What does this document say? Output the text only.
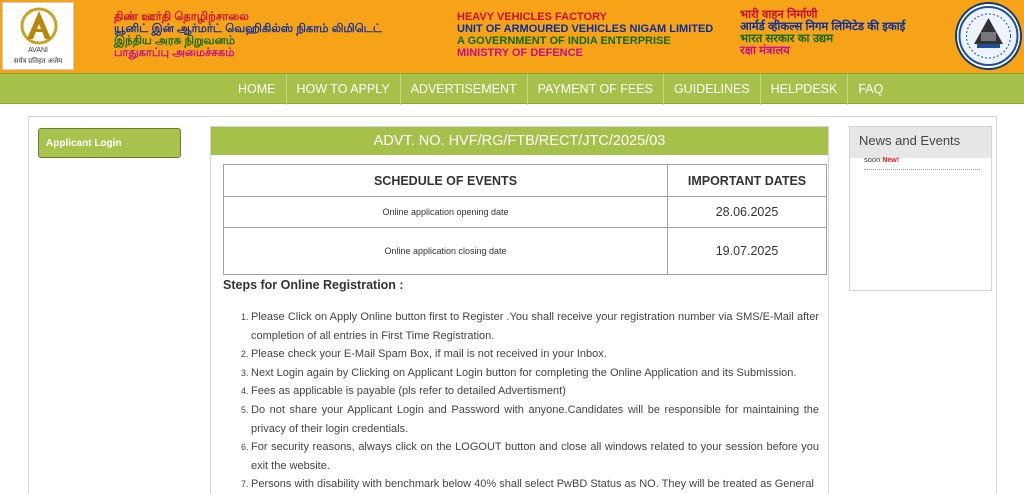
AVANI
सर्वत्र प्रतिहत अजेय
திண் ஊர்தி தொழிற்சாலை
யூனிட் இன் ஆர்மர்ட் வெஹிகில்ஸ் நிகாம் லிமிடெட்
இந்திய அரசு நிறுவனம்
பாதுகாப்பு அமைச்சகம்
HEAVY VEHICLES FACTORY
UNIT OF ARMOURED VEHICLES NIGAM LIMITED
A GOVERNMENT OF INDIA ENTERPRISE
MINISTRY OF DEFENCE
भारी वाहन निर्माणी
आर्मर्ड व्हीकल्स निगम लिमिटेड की इकाई
भारत सरकार का उद्यम
रक्षा मंत्रालय
HOME	HOW TO APPLY	ADVERTISEMENT	PAYMENT OF FEES	GUIDELINES	HELPDESK	FAQ
Applicant Login	ADVT. NO. HVF/RG/FTB/RECT/JTC/2025/03
SCHEDULE OF EVENTS	IMPORTANT DATES
Online application opening date	28.06.2025
Online application closing date	19.07.2025
Steps for Online Registration :
1. Please Click on Apply Online button first to Register .You shall receive your registration number via SMS/E-Mail after completion of all entries in First Time Registration.
2. Please check your E-Mail Spam Box, if mail is not received in your Inbox.
3. Next Login again by Clicking on Applicant Login button for completing the Online Application and its Submission.
4. Fees as applicable is payable (pls refer to detailed Advertisment)
5. Do not share your Applicant Login and Password with anyone.Candidates will be responsible for maintaining the privacy of their login credentials.
6. For security reasons, always click on the LOGOUT button and close all windows related to your session before you exit the website.
7. Persons with disability with benchmark below 40% shall select PwBD Status as NO. They will be treated as General
News and Events
soon New!
